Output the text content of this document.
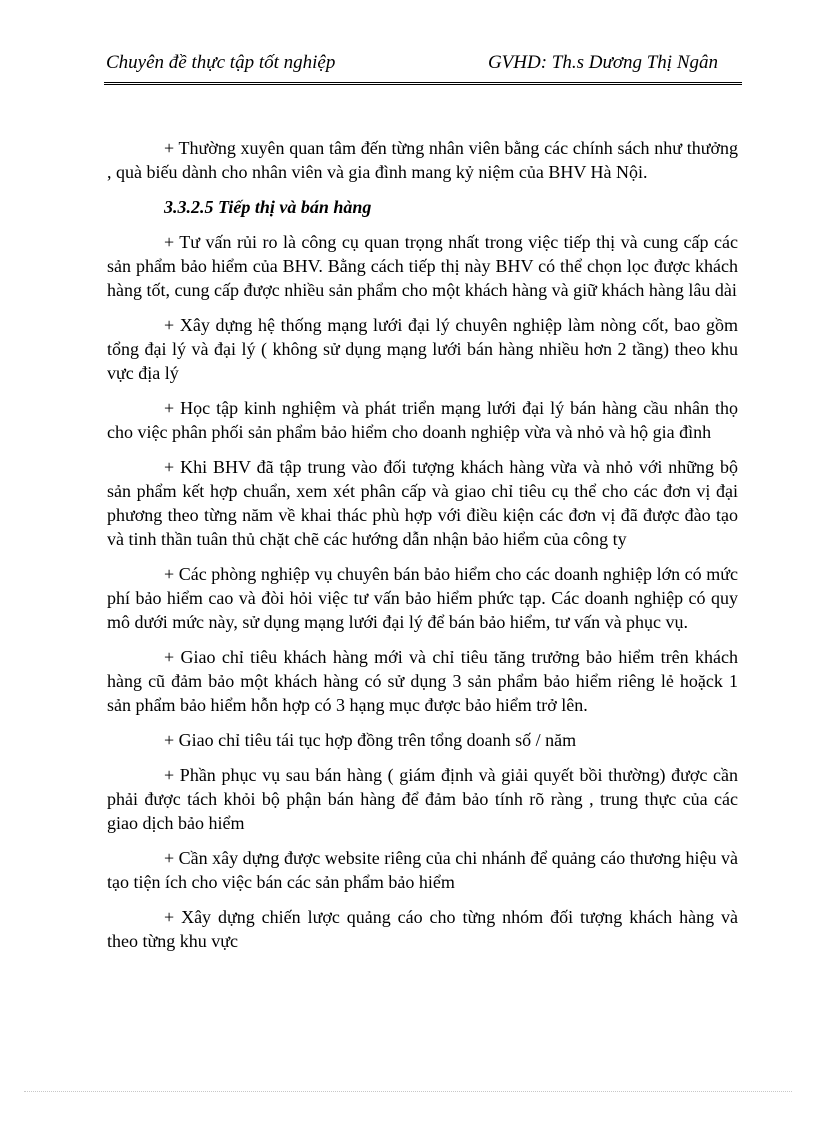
Chuyên đề thực tập tốt nghiệp	GVHD: Th.s Dương Thị Ngân

+ Thường xuyên quan tâm đến từng nhân viên bằng các chính sách như thưởng , quà biếu dành cho nhân viên và gia đình mang kỷ niệm của BHV Hà Nội.

3.3.2.5 Tiếp thị và bán hàng

+ Tư vấn rủi ro là công cụ quan trọng nhất trong việc tiếp thị và cung cấp các sản phẩm bảo hiểm của BHV. Bằng cách tiếp thị này BHV có thể chọn lọc được khách hàng tốt, cung cấp được nhiều sản phẩm cho một khách hàng và giữ khách hàng lâu dài

+ Xây dựng hệ thống mạng lưới đại lý chuyên nghiệp làm nòng cốt, bao gồm tổng đại lý và đại lý ( không sử dụng mạng lưới bán hàng nhiều hơn 2 tầng) theo khu vực địa lý

+ Học tập kinh nghiệm và phát triển mạng lưới đại lý bán hàng cầu nhân thọ cho việc phân phối sản phẩm bảo hiểm cho doanh nghiệp vừa và nhỏ và hộ gia đình

+ Khi BHV đã tập trung vào đối tượng khách hàng vừa và nhỏ với những bộ sản phẩm kết hợp chuẩn, xem xét phân cấp và giao chỉ tiêu cụ thể cho các đơn vị đại phương theo từng năm về khai thác phù hợp với điều kiện các đơn vị đã được đào tạo và tinh thần tuân thủ chặt chẽ các hướng dẫn nhận bảo hiểm của công ty

+ Các phòng nghiệp vụ chuyên bán bảo hiểm cho các doanh nghiệp lớn có mức phí bảo hiểm cao và đòi hỏi việc tư vấn bảo hiểm phức tạp. Các doanh nghiệp có quy mô dưới mức này, sử dụng mạng lưới đại lý để bán bảo hiểm, tư vấn và phục vụ.

+ Giao chỉ tiêu khách hàng mới và chỉ tiêu tăng trưởng bảo hiểm trên khách hàng cũ đảm bảo một khách hàng có sử dụng 3 sản phẩm bảo hiểm riêng lẻ hoặck 1 sản phẩm bảo hiểm hỗn hợp có 3 hạng mục được bảo hiểm trở lên.

+ Giao chỉ tiêu tái tục hợp đồng trên tổng doanh số / năm

+ Phần phục vụ sau bán hàng ( giám định và giải quyết bồi thường) được cần phải được tách khỏi bộ phận bán hàng để đảm bảo tính rõ ràng , trung thực của các giao dịch bảo hiểm

+ Cần xây dựng được website riêng của chi nhánh để quảng cáo thương hiệu và tạo tiện ích cho việc bán các sản phẩm bảo hiểm

+ Xây dựng chiến lược quảng cáo cho từng nhóm đối tượng khách hàng và theo từng khu vực
